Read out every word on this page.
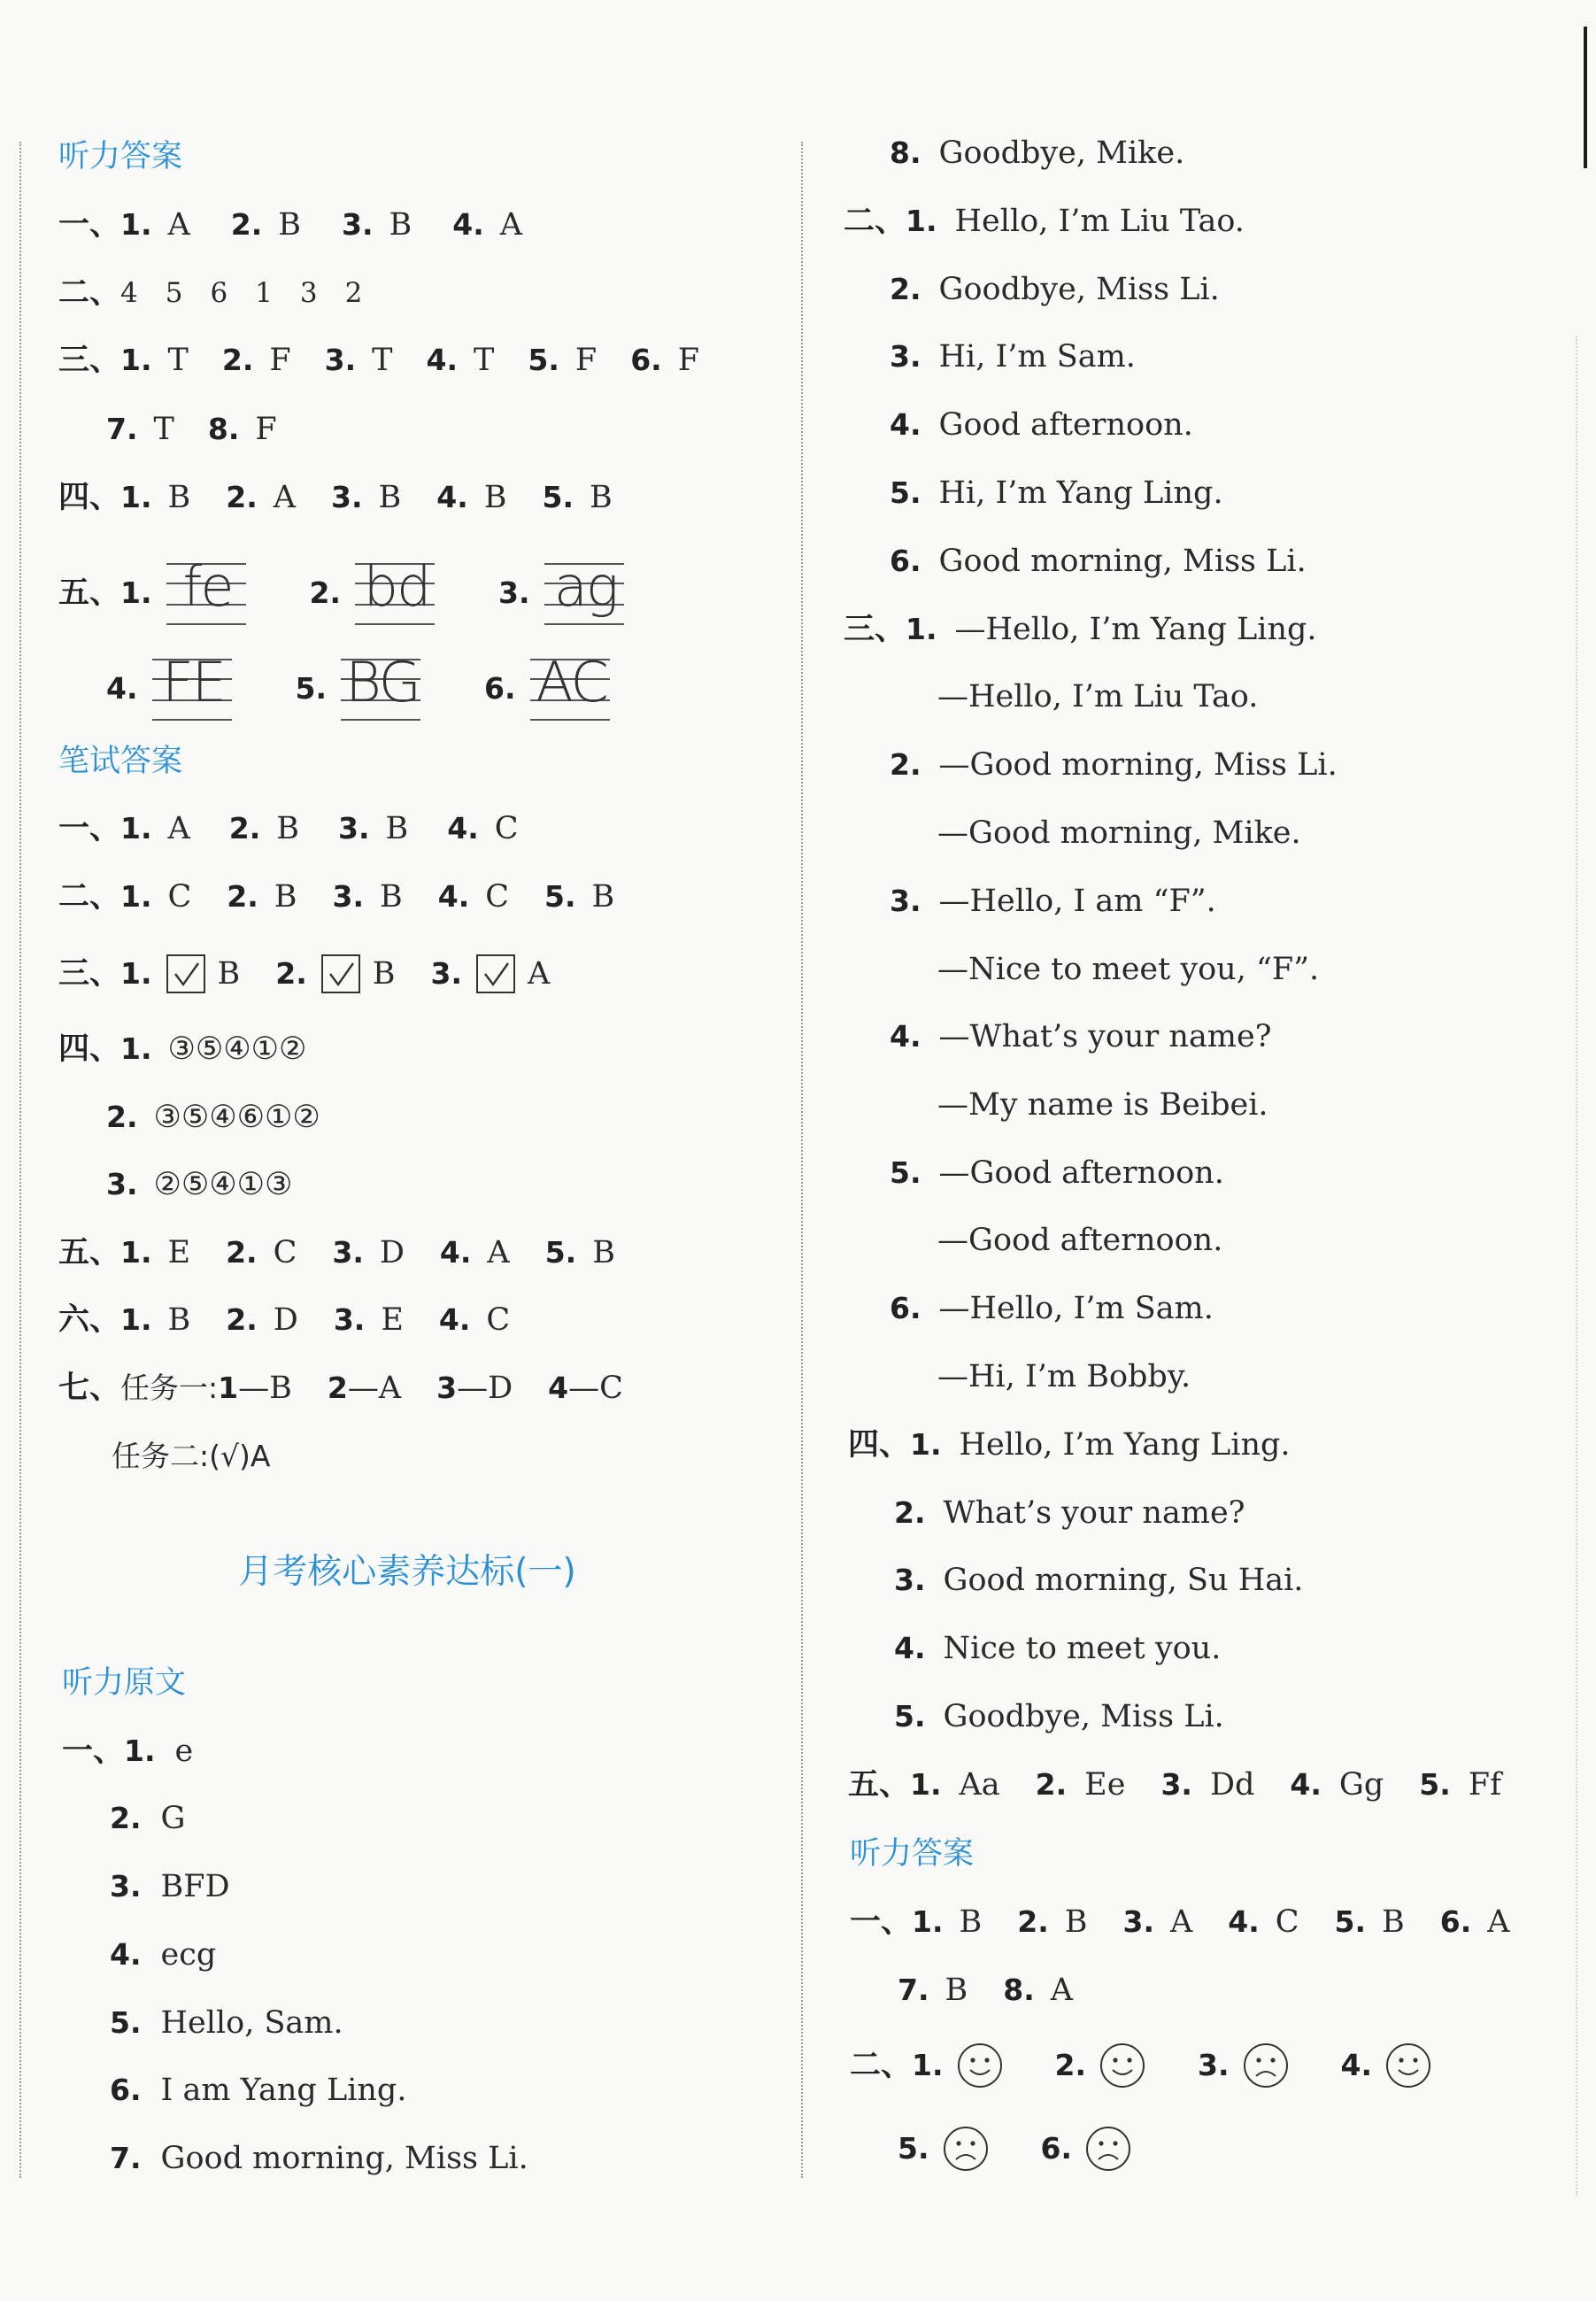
听力答案
一、 1. A 2. B 3. B 4. A
二、 4　5　6　1　3　2
三、 1. T 2. F 3. T 4. T 5. F 6. F
7. T 8. F
四、 1. B 2. A 3. B 4. B 5. B
五、 1. fe	2. bd 3. ag
4. FE 5. BG 6. AC
笔试答案
一、 1. A 2. B 3. B 4. C
二、 1. C 2. B 3. B 4. C 5. B
三、 1. B 2. B 3. A
四、 1. ③⑤④①②
2. ③⑤④⑥①②
3. ②⑤④①③
五、 1. E 2. C 3. D 4. A 5. B
六、 1. B 2. D 3. E 4. C
七、 任务一: 1 —B 2 —A 3 —D 4 —C
任务二:(√)A
月考核心素养达标(一)
听力原文
一、 1. e
2. G
3. BFD
4. ecg
5. Hello, Sam.
6. I am Yang Ling.
7. Good morning, Miss Li.
8. Goodbye, Mike.
二、 1. Hello, I’m Liu Tao.
2. Goodbye, Miss Li.
3. Hi, I’m Sam.
4. Good afternoon.
5. Hi, I’m Yang Ling.
6. Good morning, Miss Li.
三、 1. —Hello, I’m Yang Ling.
—Hello, I’m Liu Tao.
2. —Good morning, Miss Li.
—Good morning, Mike.
3. —Hello, I am “F”.
—Nice to meet you, “F”.
4. —What’s your name?
—My name is Beibei.
5. —Good afternoon.
—Good afternoon.
6. —Hello, I’m Sam.
—Hi, I’m Bobby.
四、 1. Hello, I’m Yang Ling.
2. What’s your name?
3. Good morning, Su Hai.
4. Nice to meet you.
5. Goodbye, Miss Li.
五、 1. Aa 2. Ee 3. Dd 4. Gg 5. Ff
听力答案
一、 1. B 2. B 3. A 4. C 5. B 6. A
7. B 8. A
二、 1.	2.	3.	4.
5.	6.
